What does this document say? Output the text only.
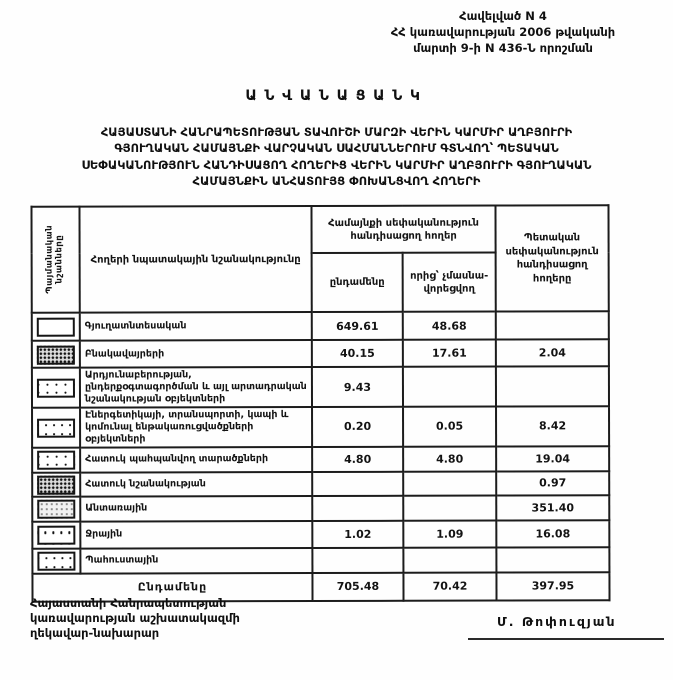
Հավելված N 4
ՀՀ կառավարության 2006 թվականի
մարտի 9-ի N 436-Ն որոշման
ԱՆՎԱՆԱՑԱՆԿ
ՀԱՅԱՍՏԱՆԻ ՀԱՆՐԱՊԵՏՈՒԹՅԱՆ ՏԱՎՈՒՇԻ ՄԱՐԶԻ ՎԵՐԻՆ ԿԱՐՄԻՐ ԱՂԲՅՈՒՐԻ
ԳՅՈՒՂԱԿԱՆ ՀԱՄԱՅՆՔԻ ՎԱՐՉԱԿԱՆ ՍԱՀՄԱՆՆԵՐՈՒՄ ԳՏՆՎՈՂ՝ ՊԵՏԱԿԱՆ
ՍԵՓԱԿԱՆՈՒԹՅՈՒՆ ՀԱՆԴԻՍԱՑՈՂ ՀՈՂԵՐԻՑ ՎԵՐԻՆ ԿԱՐՄԻՐ ԱՂԲՅՈՒՐԻ ԳՅՈՒՂԱԿԱՆ
ՀԱՄԱՅՆՔԻՆ ԱՆՀԱՏՈՒՅՑ ՓՈԽԱՆՑՎՈՂ ՀՈՂԵՐԻ
Պայմանական նշանները	Հողերի նպատակային նշանակությունը	Համայնքի սեփականություն հանդիսացող հողեր		Պետական սեփականություն հանդիսացող հողերը
		ընդամենը	որից՝ չմասնա-վորեցվող	
	Գյուղատնտեսական	649.61	48.68	
	Բնակավայրերի	40.15	17.61	2.04
	Արդյունաբերության, ընդերքօգտագործման և այլ արտադրական նշանակության օբյեկտների	9.43		
	Էներգետիկայի, տրանսպորտի, կապի և կոմունալ ենթակառուցվածքների օբյեկտների	0.20	0.05	8.42
	Հատուկ պահպանվող տարածքների	4.80	4.80	19.04
	Հատուկ նշանակության			0.97
	Անտառային			351.40
	Ջրային	1.02	1.09	16.08
	Պահուստային			
Ընդամենը		705.48	70.42	397.95
Հայաստանի Հանրապետության
կառավարության աշխատակազմի
ղեկավար-նախարար
Մ. Թոփուզյան
